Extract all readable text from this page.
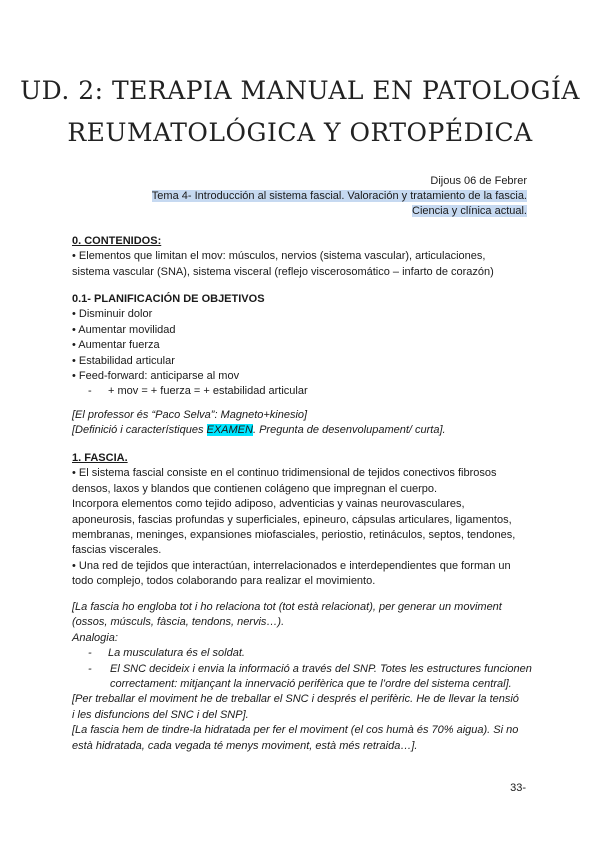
UD. 2: TERAPIA MANUAL EN PATOLOGÍA
REUMATOLÓGICA Y ORTOPÉDICA
Dijous 06 de Febrer
Tema 4- Introducción al sistema fascial. Valoración y tratamiento de la fascia.
Ciencia y clínica actual.
0. CONTENIDOS:
• Elementos que limitan el mov: músculos, nervios (sistema vascular), articulaciones,
sistema vascular (SNA), sistema visceral (reflejo viscerosomático – infarto de corazón)
0.1- PLANIFICACIÓN DE OBJETIVOS
• Disminuir dolor
• Aumentar movilidad
• Aumentar fuerza
• Estabilidad articular
• Feed-forward: anticiparse al mov
- + mov = + fuerza = + estabilidad articular
[El professor és “Paco Selva”: Magneto+kinesio]
[Definició i característiques EXAMEN. Pregunta de desenvolupament/ curta].
1. FASCIA.
• El sistema fascial consiste en el continuo tridimensional de tejidos conectivos fibrosos
densos, laxos y blandos que contienen colágeno que impregnan el cuerpo.
Incorpora elementos como tejido adiposo, adventicias y vainas neurovasculares,
aponeurosis, fascias profundas y superficiales, epineuro, cápsulas articulares, ligamentos,
membranas, meninges, expansiones miofasciales, periostio, retináculos, septos, tendones,
fascias viscerales.
• Una red de tejidos que interactúan, interrelacionados e interdependientes que forman un
todo complejo, todos colaborando para realizar el movimiento.
[La fascia ho engloba tot i ho relaciona tot (tot està relacionat), per generar un moviment
(ossos, músculs, fàscia, tendons, nervis…).
Analogia:
- La musculatura és el soldat.
-	El SNC decideix i envia la informació a través del SNP. Totes les estructures funcionen correctament: mitjançant la innervació perifèrica que te l’ordre del sistema central].
[Per treballar el moviment he de treballar el SNC i després el perifèric. He de llevar la tensió
i les disfuncions del SNC i del SNP].
[La fascia hem de tindre-la hidratada per fer el moviment (el cos humà és 70% aigua). Si no
està hidratada, cada vegada té menys moviment, està més retraida…].
33-
